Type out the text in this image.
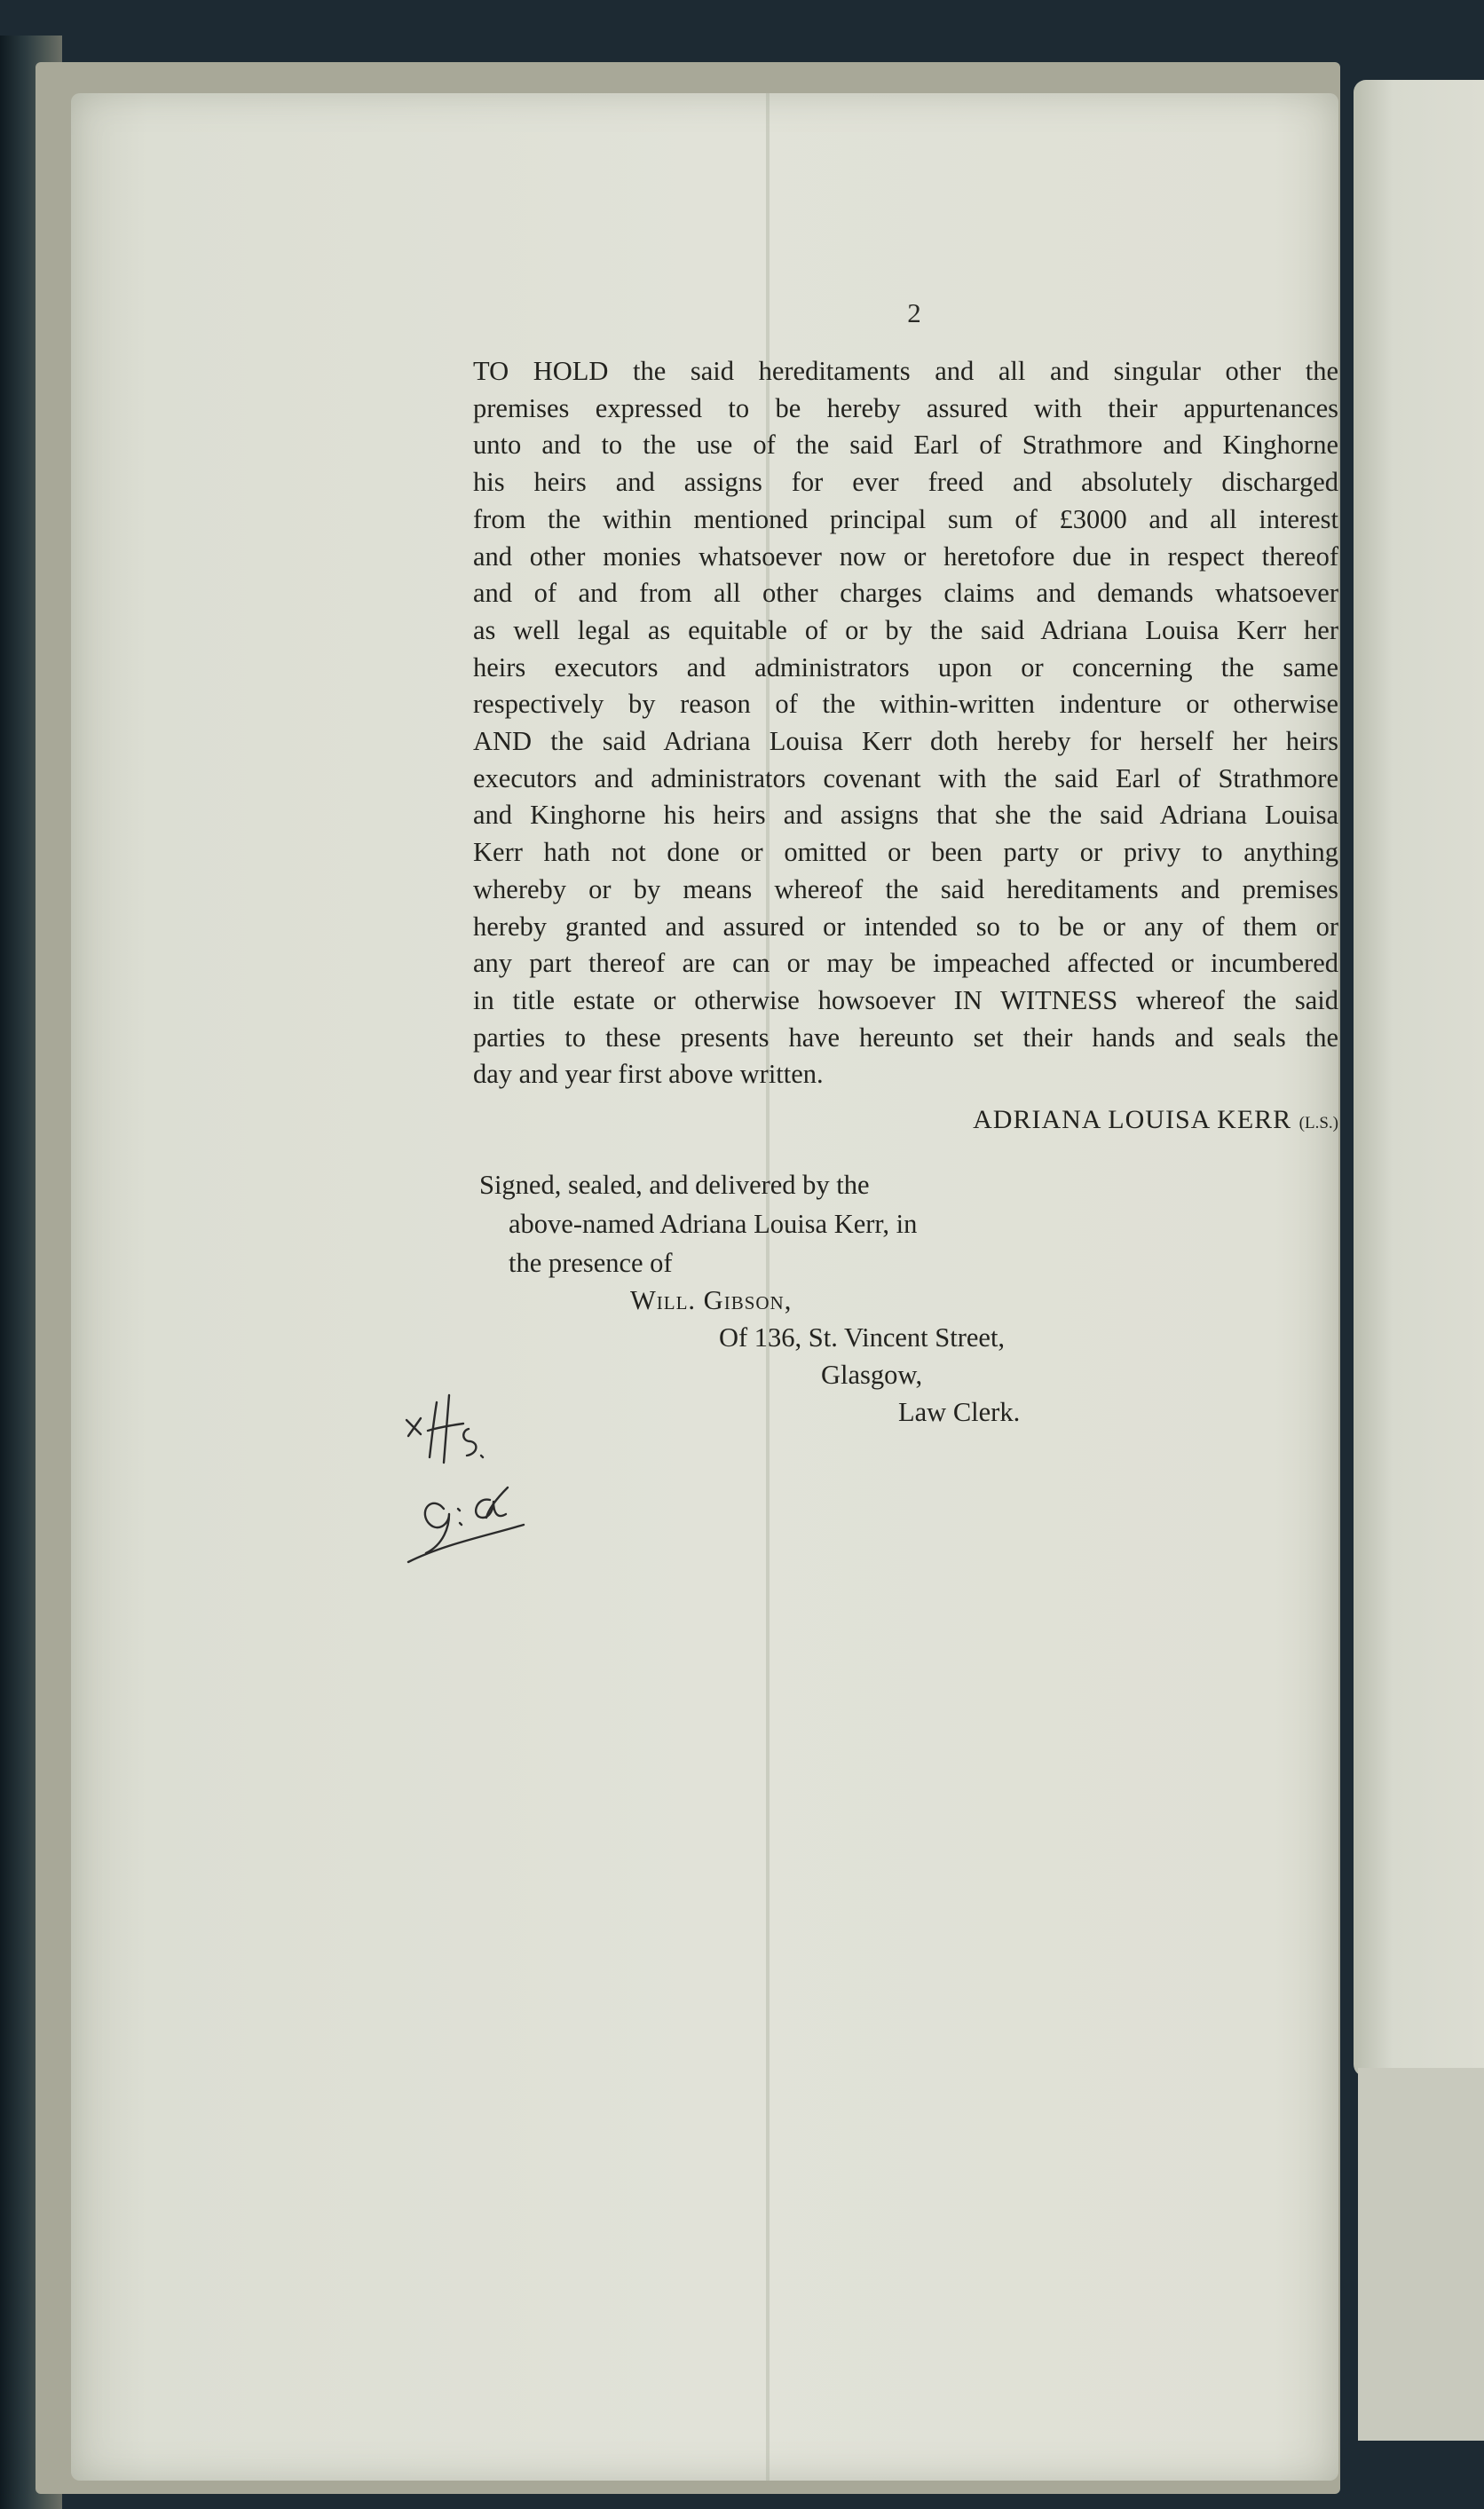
2
TO HOLD the said hereditaments and all and singular other the
premises expressed to be hereby assured with their appurtenances
unto and to the use of the said Earl of Strathmore and Kinghorne
his heirs and assigns for ever freed and absolutely discharged
from the within mentioned principal sum of £3000 and all interest
and other monies whatsoever now or heretofore due in respect thereof
and of and from all other charges claims and demands whatsoever
as well legal as equitable of or by the said Adriana Louisa Kerr her
heirs executors and administrators upon or concerning the same
respectively by reason of the within-written indenture or otherwise
AND the said Adriana Louisa Kerr doth hereby for herself her heirs
executors and administrators covenant with the said Earl of Strathmore
and Kinghorne his heirs and assigns that she the said Adriana Louisa
Kerr hath not done or omitted or been party or privy to anything
whereby or by means whereof the said hereditaments and premises
hereby granted and assured or intended so to be or any of them or
any part thereof are can or may be impeached affected or incumbered
in title estate or otherwise howsoever IN WITNESS whereof the said
parties to these presents have hereunto set their hands and seals the
day and year first above written.
ADRIANA LOUISA KERR (L.S.)
Signed, sealed, and delivered by the
above-named Adriana Louisa Kerr, in
the presence of
Will. Gibson,
Of 136, St. Vincent Street,
Glasgow,
Law Clerk.
